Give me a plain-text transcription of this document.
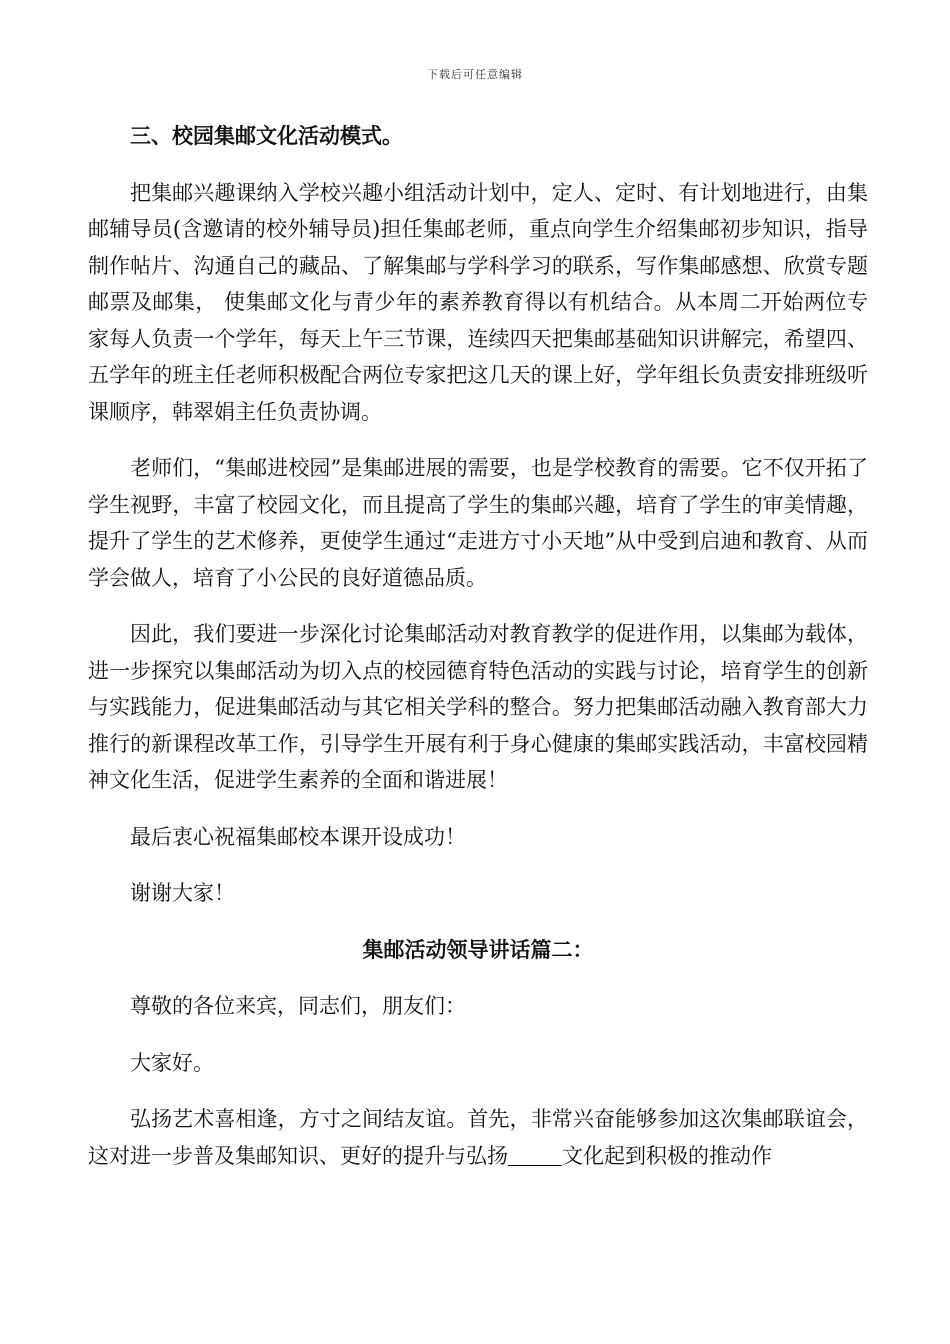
下载后可任意编辑
三、校园集邮文化活动模式。

把集邮兴趣课纳入学校兴趣小组活动计划中，定人、定时、有计划地进行，由集邮辅导员(含邀请的校外辅导员)担任集邮老师，重点向学生介绍集邮初步知识，指导制作帖片、沟通自己的藏品、了解集邮与学科学习的联系，写作集邮感想、欣赏专题邮票及邮集， 使集邮文化与青少年的素养教育得以有机结合。从本周二开始两位专家每人负责一个学年，每天上午三节课，连续四天把集邮基础知识讲解完，希望四、五学年的班主任老师积极配合两位专家把这几天的课上好，学年组长负责安排班级听课顺序，韩翠娟主任负责协调。

老师们，“集邮进校园”是集邮进展的需要，也是学校教育的需要。它不仅开拓了学生视野，丰富了校园文化，而且提高了学生的集邮兴趣，培育了学生的审美情趣，提升了学生的艺术修养，更使学生通过“走进方寸小天地”从中受到启迪和教育、从而学会做人，培育了小公民的良好道德品质。

因此，我们要进一步深化讨论集邮活动对教育教学的促进作用，以集邮为载体，进一步探究以集邮活动为切入点的校园德育特色活动的实践与讨论，培育学生的创新与实践能力，促进集邮活动与其它相关学科的整合。努力把集邮活动融入教育部大力推行的新课程改革工作，引导学生开展有利于身心健康的集邮实践活动，丰富校园精神文化生活，促进学生素养的全面和谐进展！

最后衷心祝福集邮校本课开设成功！

谢谢大家！

集邮活动领导讲话篇二：

尊敬的各位来宾，同志们，朋友们：

大家好。

弘扬艺术喜相逢，方寸之间结友谊。首先，非常兴奋能够参加这次集邮联谊会，这对进一步普及集邮知识、更好的提升与弘扬	文化起到积极的推动作
